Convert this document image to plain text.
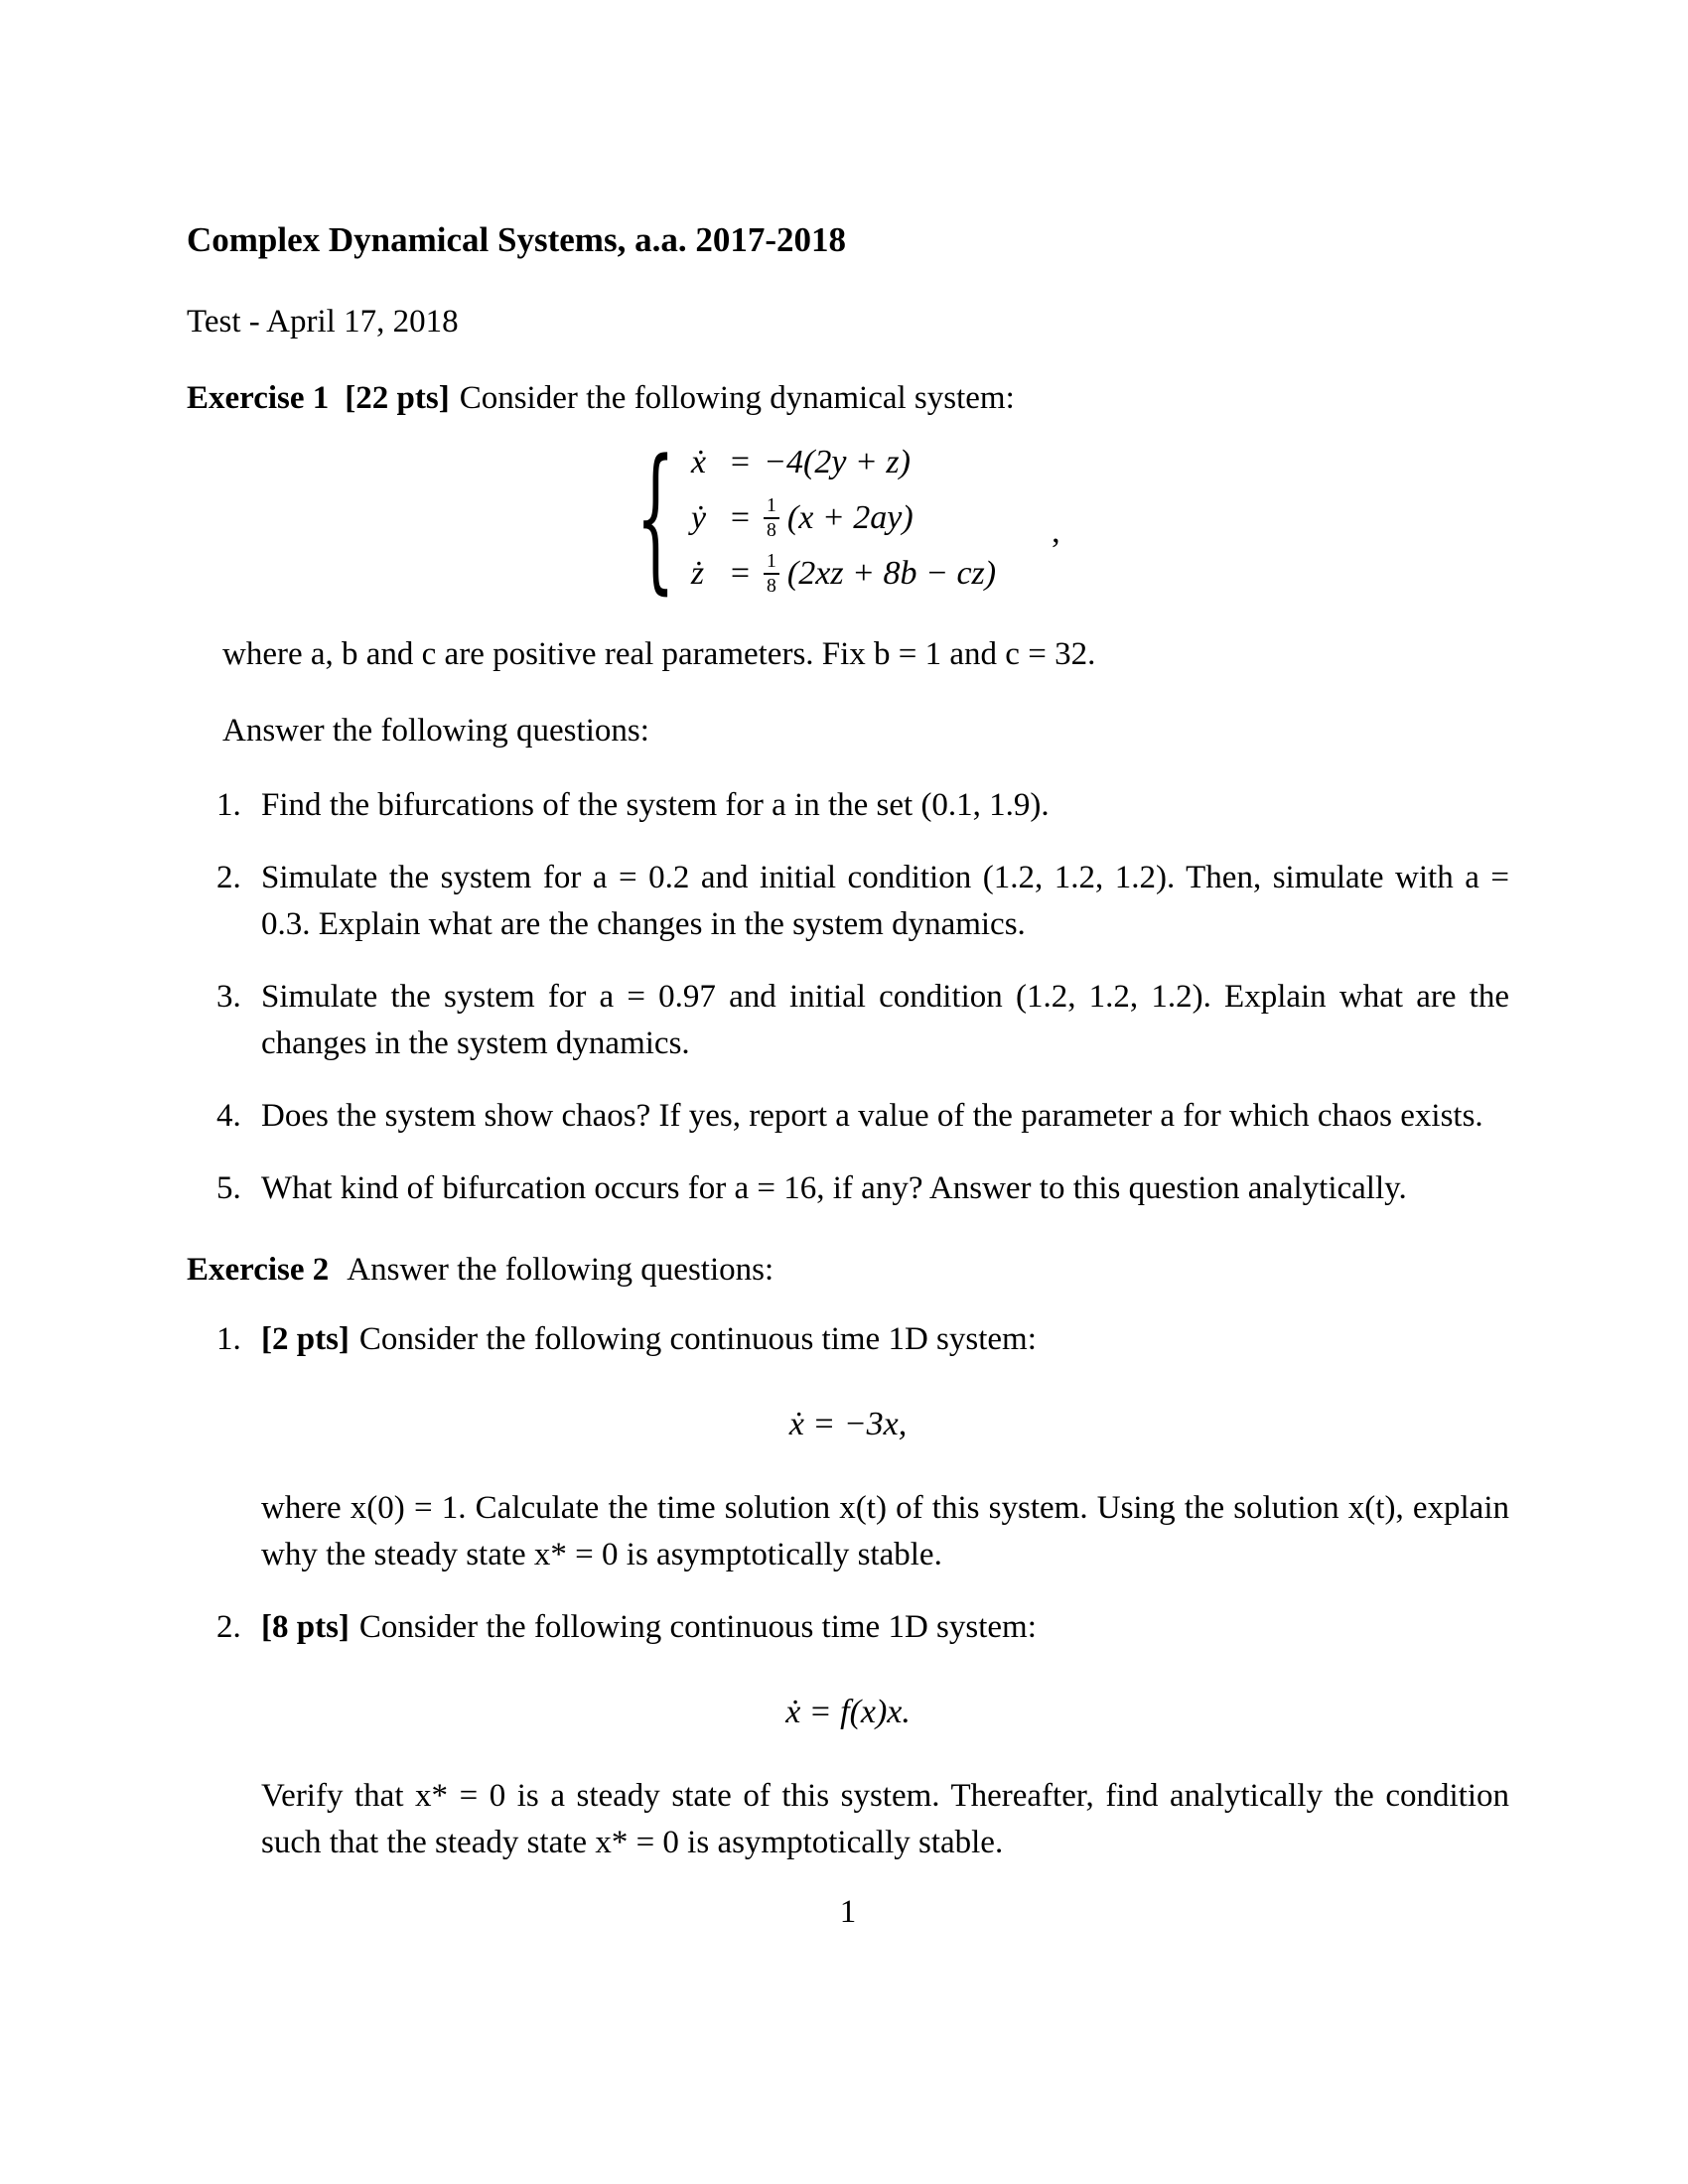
Complex Dynamical Systems, a.a. 2017-2018

Test - April 17, 2018

Exercise 1 [22 pts] Consider the following dynamical system:

{ ẋ = −4(2y + z)
ẏ = $\frac{1}{8} (x + 2ay)$
ż = $\frac{1}{8} (2xz + 8b - cz)$
,

where a, b and c are positive real parameters. Fix b = 1 and c = 32.

Answer the following questions:

1. Find the bifurcations of the system for a in the set (0.1, 1.9).
2. Simulate the system for a = 0.2 and initial condition (1.2, 1.2, 1.2). Then, simulate with a = 0.3. Explain what are the changes in the system dynamics.
3. Simulate the system for a = 0.97 and initial condition (1.2, 1.2, 1.2). Explain what are the changes in the system dynamics.
4. Does the system show chaos? If yes, report a value of the parameter a for which chaos exists.
5. What kind of bifurcation occurs for a = 16, if any? Answer to this question analytically.

Exercise 2 Answer the following questions:

1. [2 pts] Consider the following continuous time 1D system:

ẋ = −3x,

where x(0) = 1. Calculate the time solution x(t) of this system. Using the solution x(t), explain why the steady state x* = 0 is asymptotically stable.

2. [8 pts] Consider the following continuous time 1D system:

ẋ = f(x)x.

Verify that x* = 0 is a steady state of this system. Thereafter, find analytically the condition such that the steady state x* = 0 is asymptotically stable.

1
